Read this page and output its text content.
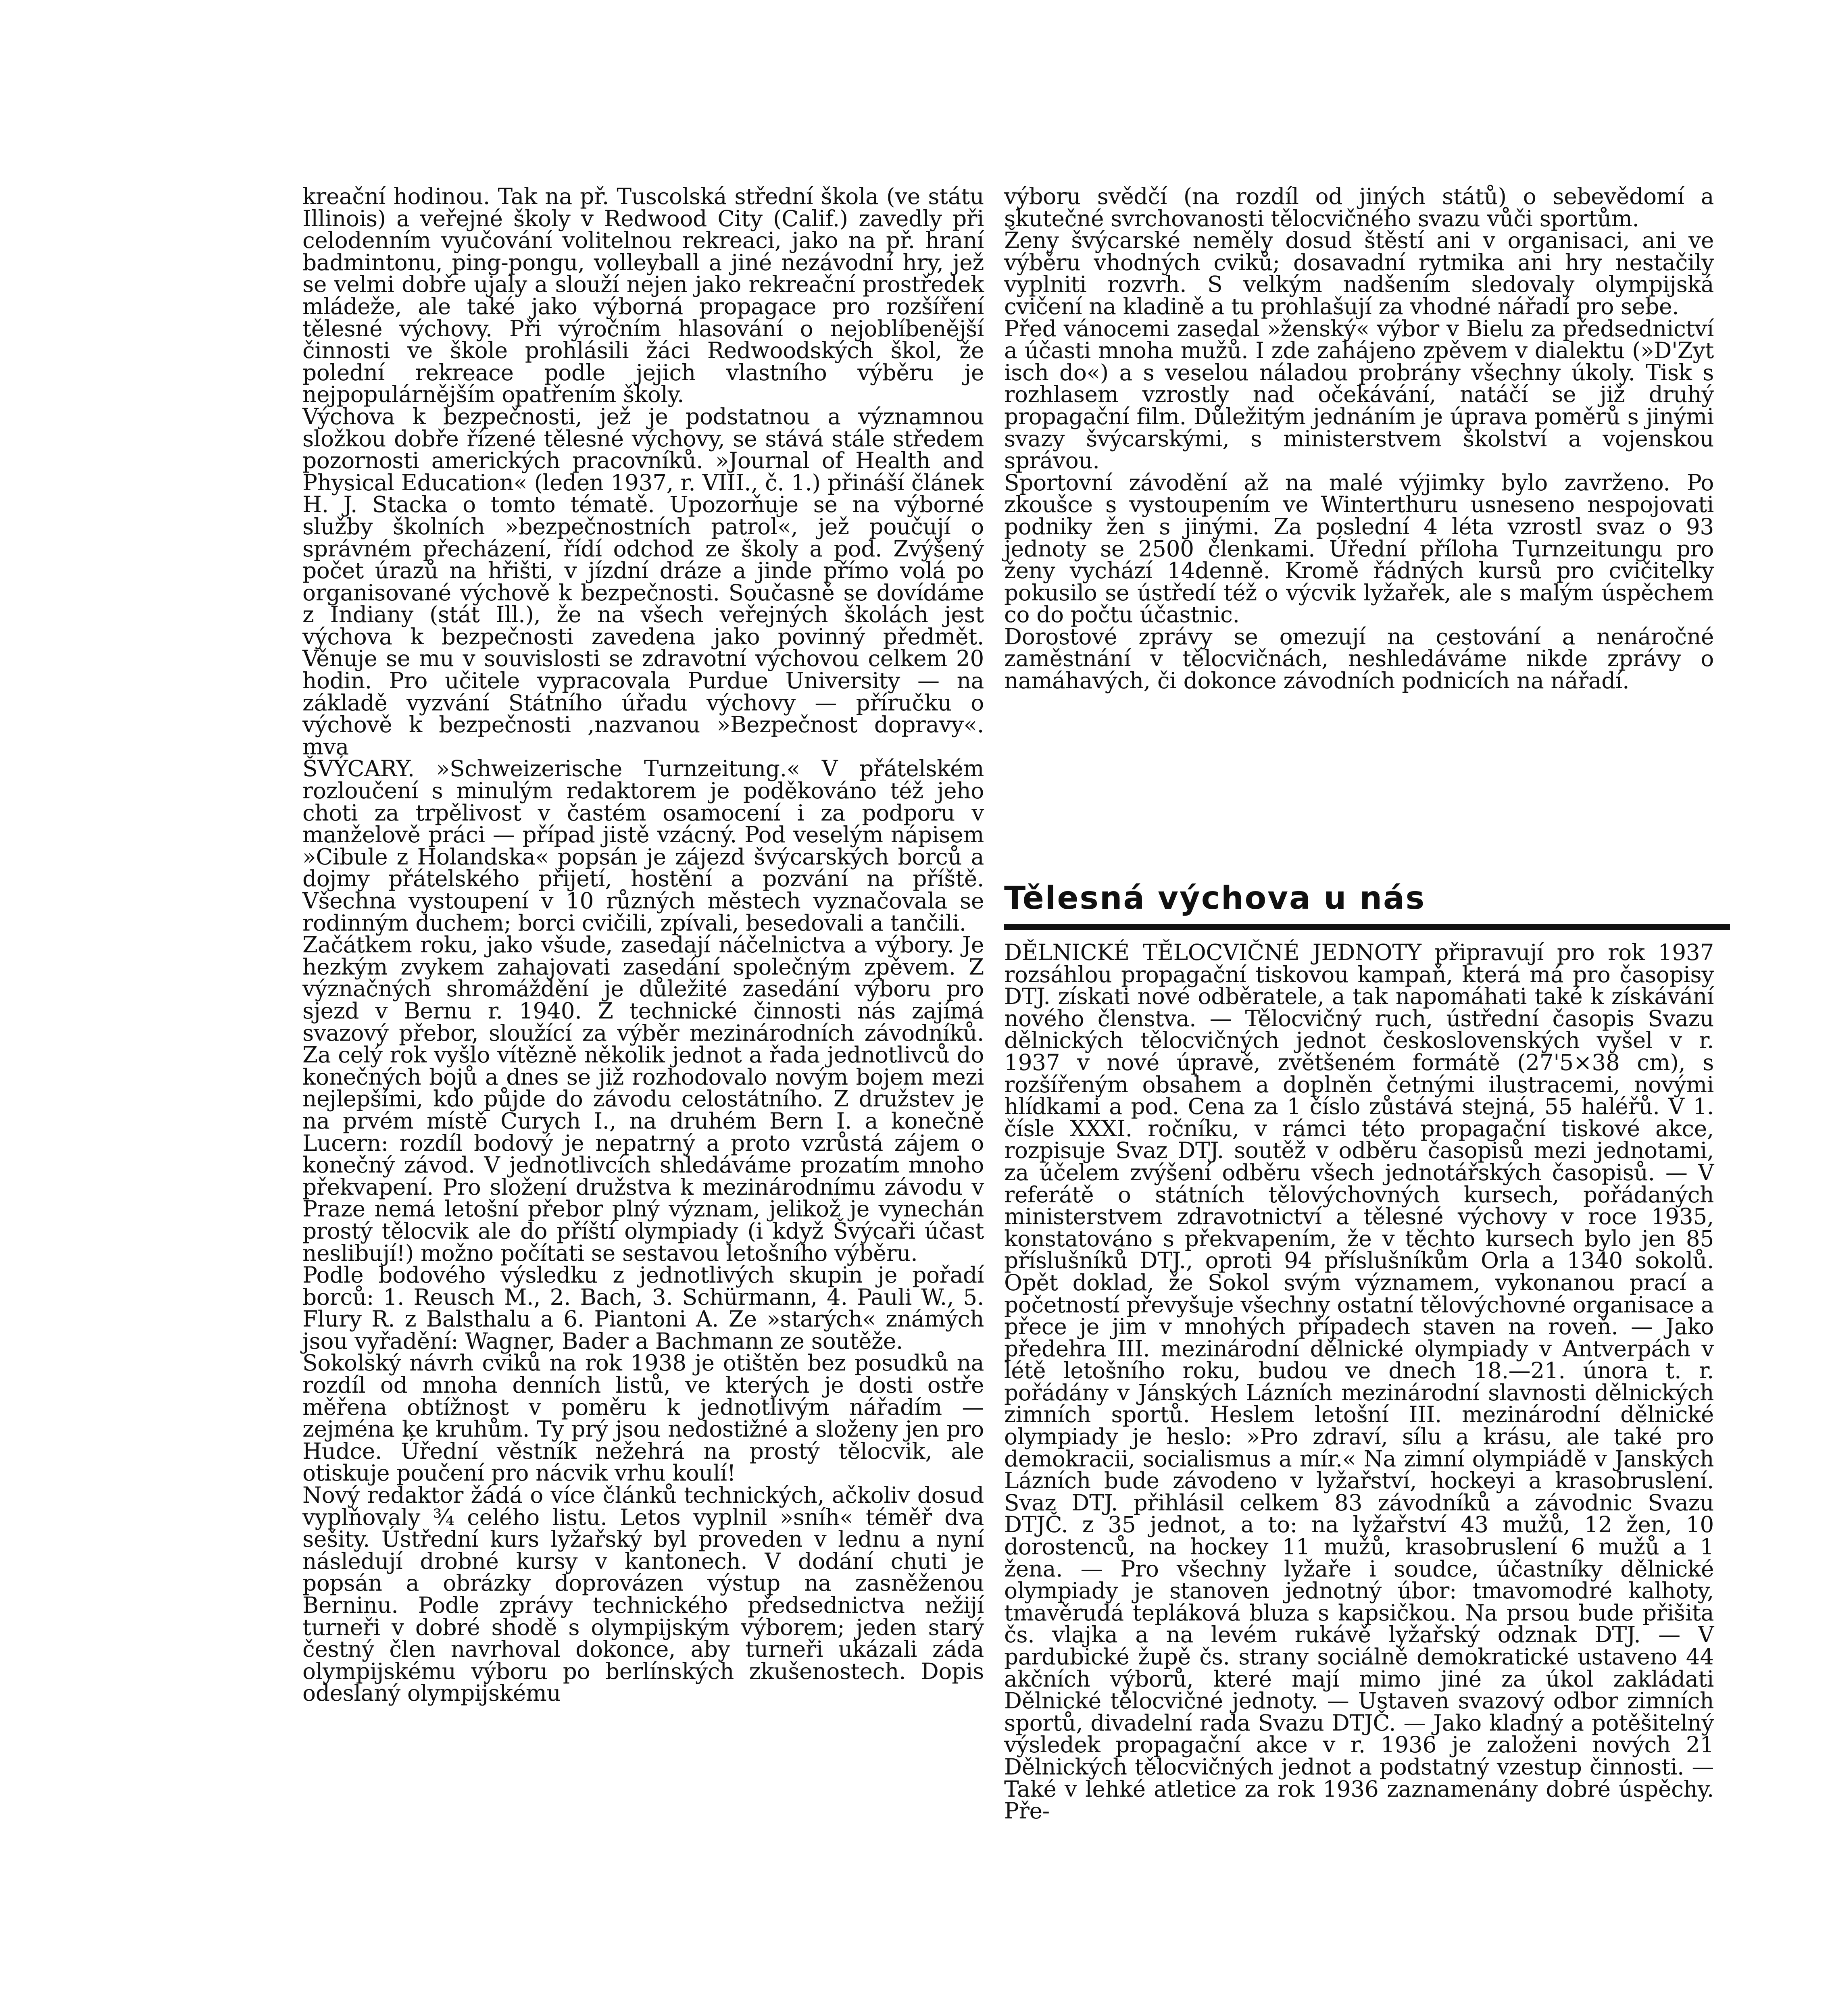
kreační hodinou. Tak na př. Tuscolská střední škola (ve státu Illinois) a veřejné školy v Redwood City (Calif.) zavedly při celodenním vyučování volitelnou rekreaci, jako na př. hraní badmintonu, ping-pongu, volleyball a jiné nezávodní hry, jež se velmi dobře ujaly a slouží nejen jako rekreační prostředek mládeže, ale také jako výborná propagace pro rozšíření tělesné výchovy. Při výročním hlasování o nejoblíbenější činnosti ve škole prohlásili žáci Redwoodských škol, že polední rekreace podle jejich vlastního výběru je nejpopulárnějším opatřením školy.

Výchova k bezpečnosti, jež je podstatnou a významnou složkou dobře řízené tělesné výchovy, se stává stále středem pozornosti amerických pracovníků. »Journal of Health and Physical Education« (leden 1937, r. VIII., č. 1.) přináší článek H. J. Stacka o tomto tématě. Upozorňuje se na výborné služby školních »bezpečnostních patrol«, jež poučují o správném přecházení, řídí odchod ze školy a pod. Zvýšený počet úrazů na hřišti, v jízdní dráze a jinde přímo volá po organisované výchově k bezpečnosti. Současně se dovídáme z Indiany (stát Ill.), že na všech veřejných školách jest výchova k bezpečnosti zavedena jako povinný předmět. Věnuje se mu v souvislosti se zdravotní výchovou celkem 20 hodin. Pro učitele vypracovala Purdue University — na základě vyzvání Státního úřadu výchovy — příručku o výchově k bezpečnosti ,nazvanou »Bezpečnost dopravy«. mva

ŠVÝCARY. »Schweizerische Turnzeitung.« V přátelském rozloučení s minulým redaktorem je poděkováno též jeho choti za trpělivost v častém osamocení i za podporu v manželově práci — případ jistě vzácný. Pod veselým nápisem »Cibule z Holandska« popsán je zájezd švýcarských borců a dojmy přátelského přijetí, hostění a pozvání na příště. Všechna vystoupení v 10 různých městech vyznačovala se rodinným duchem; borci cvičili, zpívali, besedovali a tančili.

Začátkem roku, jako všude, zasedají náčelnictva a výbory. Je hezkým zvykem zahajovati zasedání společným zpěvem. Z význačných shromáždění je důležité zasedání výboru pro sjezd v Bernu r. 1940. Z technické činnosti nás zajímá svazový přebor, sloužící za výběr mezinárodních závodníků. Za celý rok vyšlo vítězně několik jednot a řada jednotlivců do konečných bojů a dnes se již rozhodovalo novým bojem mezi nejlepšími, kdo půjde do závodu celostátního. Z družstev je na prvém místě Curych I., na druhém Bern I. a konečně Lucern: rozdíl bodový je nepatrný a proto vzrůstá zájem o konečný závod. V jednotlivcích shledáváme prozatím mnoho překvapení. Pro složení družstva k mezinárodnímu závodu v Praze nemá letošní přebor plný význam, jelikož je vynechán prostý tělocvik ale do příští olympiady (i když Švýcaři účast neslibují!) možno počítati se sestavou letošního výběru.

Podle bodového výsledku z jednotlivých skupin je pořadí borců: 1. Reusch M., 2. Bach, 3. Schürmann, 4. Pauli W., 5. Flury R. z Balsthalu a 6. Piantoni A. Ze »starých« známých jsou vyřadění: Wagner, Bader a Bachmann ze soutěže.

Sokolský návrh cviků na rok 1938 je otištěn bez posudků na rozdíl od mnoha denních listů, ve kterých je dosti ostře měřena obtížnost v poměru k jednotlivým nářadím — zejména ke kruhům. Ty prý jsou nedostižné a složeny jen pro Hudce. Úřední věstník nežehrá na prostý tělocvik, ale otiskuje poučení pro nácvik vrhu koulí!

Nový redaktor žádá o více článků technických, ačkoliv dosud vyplňovaly ¾ celého listu. Letos vyplnil »sníh« téměř dva sešity. Ústřední kurs lyžařský byl proveden v lednu a nyní následují drobné kursy v kantonech. V dodání chuti je popsán a obrázky doprovázen výstup na zasněženou Berninu. Podle zprávy technického předsednictva nežijí turneři v dobré shodě s olympijským výborem; jeden starý čestný člen navrhoval dokonce, aby turneři ukázali záda olympijskému výboru po berlínských zkušenostech. Dopis odeslaný olympijskému

výboru svědčí (na rozdíl od jiných států) o sebevědomí a skutečné svrchovanosti tělocvičného svazu vůči sportům.

Ženy švýcarské neměly dosud štěstí ani v organisaci, ani ve výběru vhodných cviků; dosavadní rytmika ani hry nestačily vyplniti rozvrh. S velkým nadšením sledovaly olympijská cvičení na kladině a tu prohlašují za vhodné nářadí pro sebe.

Před vánocemi zasedal »ženský« výbor v Bielu za předsednictví a účasti mnoha mužů. I zde zahájeno zpěvem v dialektu (»D'Zyt isch do«) a s veselou náladou probrány všechny úkoly. Tisk s rozhlasem vzrostly nad očekávání, natáčí se již druhý propagační film. Důležitým jednáním je úprava poměrů s jinými svazy švýcarskými, s ministerstvem školství a vojenskou správou.

Sportovní závodění až na malé výjimky bylo zavrženo. Po zkoušce s vystoupením ve Winterthuru usneseno nespojovati podniky žen s jinými. Za poslední 4 léta vzrostl svaz o 93 jednoty se 2500 členkami. Úřední příloha Turnzeitungu pro ženy vychází 14denně. Kromě řádných kursů pro cvičitelky pokusilo se ústředí též o výcvik lyžařek, ale s malým úspěchem co do počtu účastnic.

Dorostové zprávy se omezují na cestování a nenáročné zaměstnání v tělocvičnách, neshledáváme nikde zprávy o namáhavých, či dokonce závodních podnicích na nářadí.

Tělesná výchova u nás

DĚLNICKÉ TĚLOCVIČNÉ JEDNOTY připravují pro rok 1937 rozsáhlou propagační tiskovou kampaň, která má pro časopisy DTJ. získati nové odběratele, a tak napomáhati také k získávání nového členstva. — Tělocvičný ruch, ústřední časopis Svazu dělnických tělocvičných jednot československých vyšel v r. 1937 v nové úpravě, zvětšeném formátě (27'5×38 cm), s rozšířeným obsahem a doplněn četnými ilustracemi, novými hlídkami a pod. Cena za 1 číslo zůstává stejná, 55 haléřů. V 1. čísle XXXI. ročníku, v rámci této propagační tiskové akce, rozpisuje Svaz DTJ. soutěž v odběru časopisů mezi jednotami, za účelem zvýšení odběru všech jednotářských časopisů. — V referátě o státních tělovýchovných kursech, pořádaných ministerstvem zdravotnictví a tělesné výchovy v roce 1935, konstatováno s překvapením, že v těchto kursech bylo jen 85 příslušníků DTJ., oproti 94 příslušníkům Orla a 1340 sokolů. Opět doklad, že Sokol svým významem, vykonanou prací a početností převyšuje všechny ostatní tělovýchovné organisace a přece je jim v mnohých případech staven na roveň. — Jako předehra III. mezinárodní dělnické olympiady v Antverpách v létě letošního roku, budou ve dnech 18.—21. února t. r. pořádány v Jánských Lázních mezinárodní slavnosti dělnických zimních sportů. Heslem letošní III. mezinárodní dělnické olympiady je heslo: »Pro zdraví, sílu a krásu, ale také pro demokracii, socialismus a mír.« Na zimní olympiádě v Janských Lázních bude závodeno v lyžařství, hockeyi a krasobruslení. Svaz DTJ. přihlásil celkem 83 závodníků a závodnic Svazu DTJČ. z 35 jednot, a to: na lyžařství 43 mužů, 12 žen, 10 dorostenců, na hockey 11 mužů, krasobruslení 6 mužů a 1 žena. — Pro všechny lyžaře i soudce, účastníky dělnické olympiady je stanoven jednotný úbor: tmavomodré kalhoty, tmavěrudá tepláková bluza s kapsičkou. Na prsou bude přišita čs. vlajka a na levém rukávě lyžařský odznak DTJ. — V pardubické župě čs. strany sociálně demokratické ustaveno 44 akčních výborů, které mají mimo jiné za úkol zakládati Dělnické tělocvičné jednoty. — Ustaven svazový odbor zimních sportů, divadelní rada Svazu DTJČ. — Jako kladný a potěšitelný výsledek propagační akce v r. 1936 je založeni nových 21 Dělnických tělocvičných jednot a podstatný vzestup činnosti. — Také v lehké atletice za rok 1936 zaznamenány dobré úspěchy. Pře-
